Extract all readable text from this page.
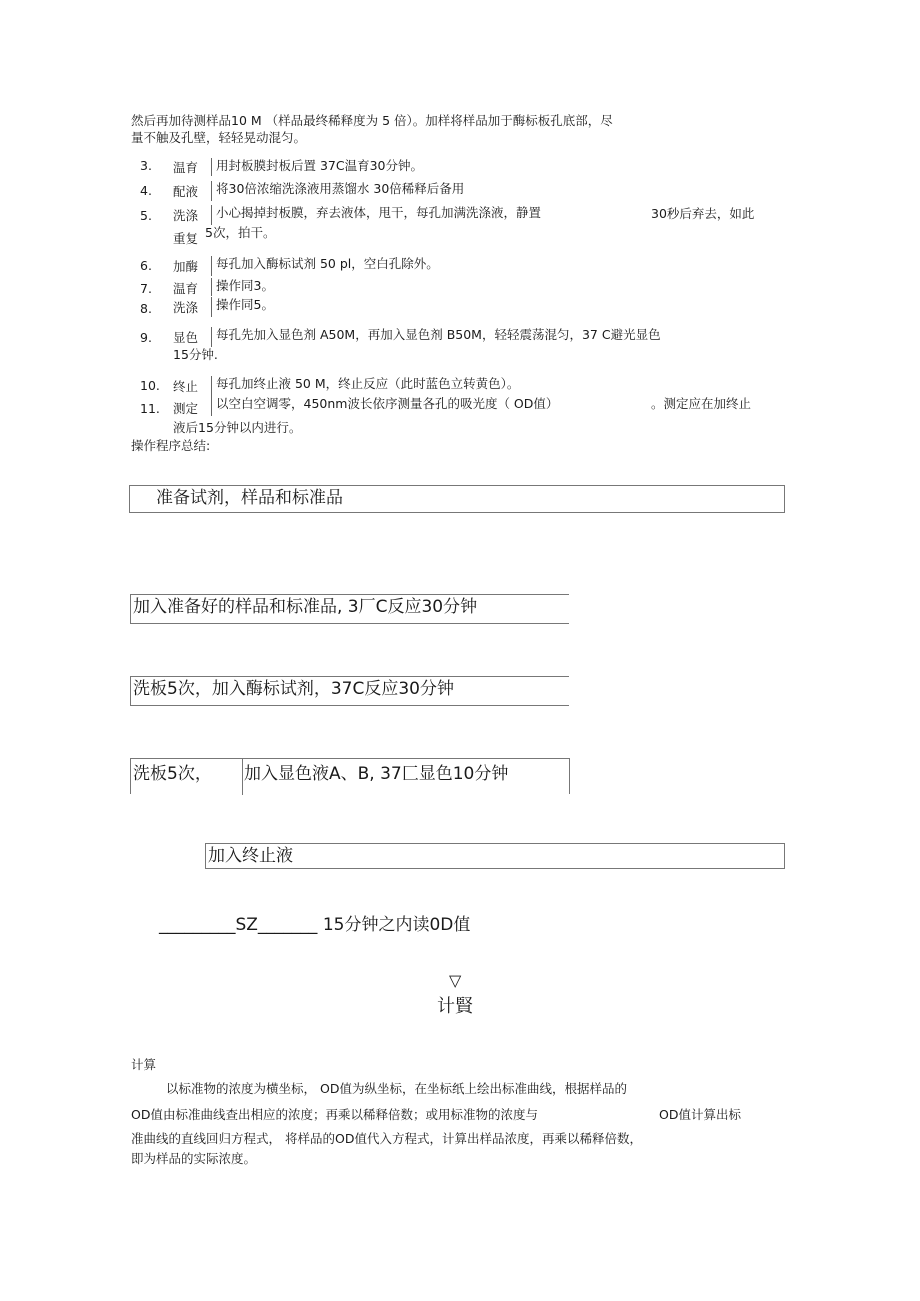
然后再加待测样品10 M （样品最终稀释度为 5 倍）。加样将样品加于酶标板孔底部，尽
量不触及孔壁，轻轻晃动混匀。
3. 温育	用封板膜封板后置 37C温育30分钟。
4. 配液	将30倍浓缩洗涤液用蒸馏水 30倍稀释后备用
5. 洗涤	小心揭掉封板膜，弃去液体，甩干，每孔加满洗涤液，静置	30秒后弃去，如此
重复 5次，拍干。
6. 加酶	每孔加入酶标试剂 50 pl，空白孔除外。
7. 温育	操作同3。
8. 洗涤	操作同5。
9. 显色	每孔先加入显色剂 A50M，再加入显色剂 B50M，轻轻震荡混匀，37 C避光显色
15分钟.
10. 终止	每孔加终止液 50 M，终止反应（此时蓝色立转黄色）。
11. 测定	以空白空调零，450nm波长依序测量各孔的吸光度（ OD值）	。测定应在加终止
液后15分钟以内进行。
操作程序总结:
准备试剂，样品和标准品
加入准备好的样品和标准品, 3厂C反应30分钟
洗板5次，加入酶标试剂，37C反应30分钟
洗板5次， 加入显色液A、B, 37匚显色10分钟
加入终止液
_________SZ_______ 15分钟之内读0D值
▽
计賢
计算
以标准物的浓度为横坐标， OD值为纵坐标，在坐标纸上绘出标准曲线，根据样品的
OD值由标准曲线查出相应的浓度；再乘以稀释倍数；或用标准物的浓度与	OD值计算出标
准曲线的直线回归方程式， 将样品的OD值代入方程式，计算出样品浓度，再乘以稀释倍数，
即为样品的实际浓度。
